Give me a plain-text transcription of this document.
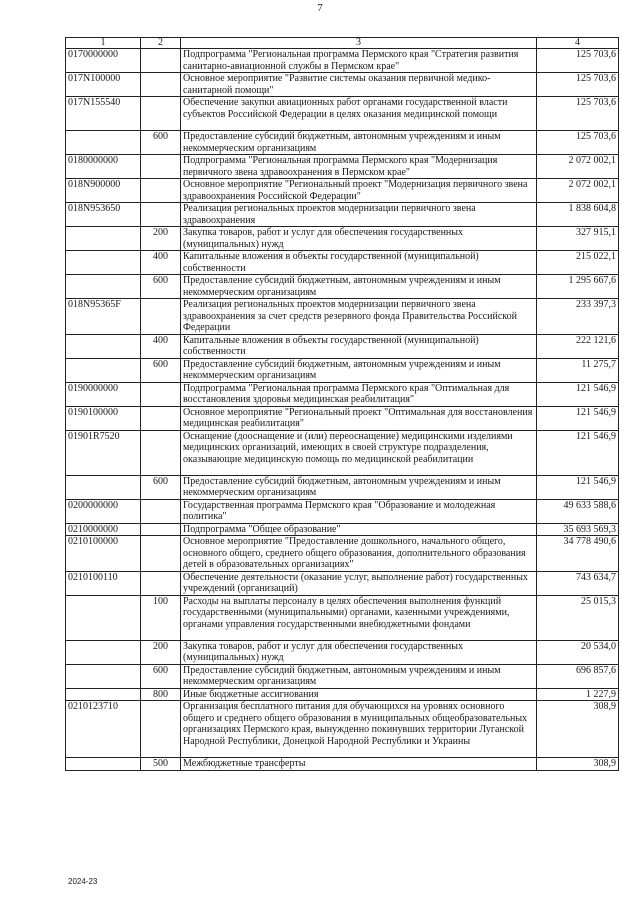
7
1	2	3	4
0170000000		Подпрограмма "Региональная программа Пермского края "Стратегия развития санитарно-авиационной службы в Пермском крае"	125 703,6
017N100000		Основное мероприятие "Развитие системы оказания первичной медико-санитарной помощи"	125 703,6
017N155540		Обеспечение закупки авиационных работ органами государственной власти субъектов Российской Федерации в целях оказания медицинской помощи	125 703,6
	600	Предоставление субсидий бюджетным, автономным учреждениям и иным некоммерческим организациям	125 703,6
0180000000		Подпрограмма "Региональная программа Пермского края "Модернизация первичного звена здравоохранения в Пермском крае"	2 072 002,1
018N900000		Основное мероприятие "Региональный проект "Модернизация первичного звена здравоохранения Российской Федерации"	2 072 002,1
018N953650		Реализация региональных проектов модернизации первичного звена здравоохранения	1 838 604,8
	200	Закупка товаров, работ и услуг для обеспечения государственных (муниципальных) нужд	327 915,1
	400	Капитальные вложения в объекты государственной (муниципальной) собственности	215 022,1
	600	Предоставление субсидий бюджетным, автономным учреждениям и иным некоммерческим организациям	1 295 667,6
018N95365F		Реализация региональных проектов модернизации первичного звена здравоохранения за счет средств резервного фонда Правительства Российской Федерации	233 397,3
	400	Капитальные вложения в объекты государственной (муниципальной) собственности	222 121,6
	600	Предоставление субсидий бюджетным, автономным учреждениям и иным некоммерческим организациям	11 275,7
0190000000		Подпрограмма "Региональная программа Пермского края "Оптимальная для восстановления здоровья медицинская реабилитация"	121 546,9
0190100000		Основное мероприятие "Региональный проект "Оптимальная для восстановления медицинская реабилитация"	121 546,9
01901R7520		Оснащение (дооснащение и (или) переоснащение) медицинскими изделиями медицинских организаций, имеющих в своей структуре подразделения, оказывающие медицинскую помощь по медицинской реабилитации	121 546,9
	600	Предоставление субсидий бюджетным, автономным учреждениям и иным некоммерческим организациям	121 546,9
0200000000		Государственная программа Пермского края "Образование и молодежная политика"	49 633 588,6
0210000000		Подпрограмма "Общее образование"	35 693 569,3
0210100000		Основное мероприятие "Предоставление дошкольного, начального общего, основного общего, среднего общего образования, дополнительного образования детей в образовательных организациях"	34 778 490,6
0210100110		Обеспечение деятельности (оказание услуг, выполнение работ) государственных учреждений (организаций)	743 634,7
	100	Расходы на выплаты персоналу в целях обеспечения выполнения функций государственными (муниципальными) органами, казенными учреждениями, органами управления государственными внебюджетными фондами	25 015,3
	200	Закупка товаров, работ и услуг для обеспечения государственных (муниципальных) нужд	20 534,0
	600	Предоставление субсидий бюджетным, автономным учреждениям и иным некоммерческим организациям	696 857,6
	800	Иные бюджетные ассигнования	1 227,9
0210123710		Организация бесплатного питания для обучающихся на уровнях основного общего и среднего общего образования в муниципальных общеобразовательных организациях Пермского края, вынужденно покинувших территории Луганской Народной Республики, Донецкой Народной Республики и Украины	308,9
	500	Межбюджетные трансферты	308,9
2024-23
